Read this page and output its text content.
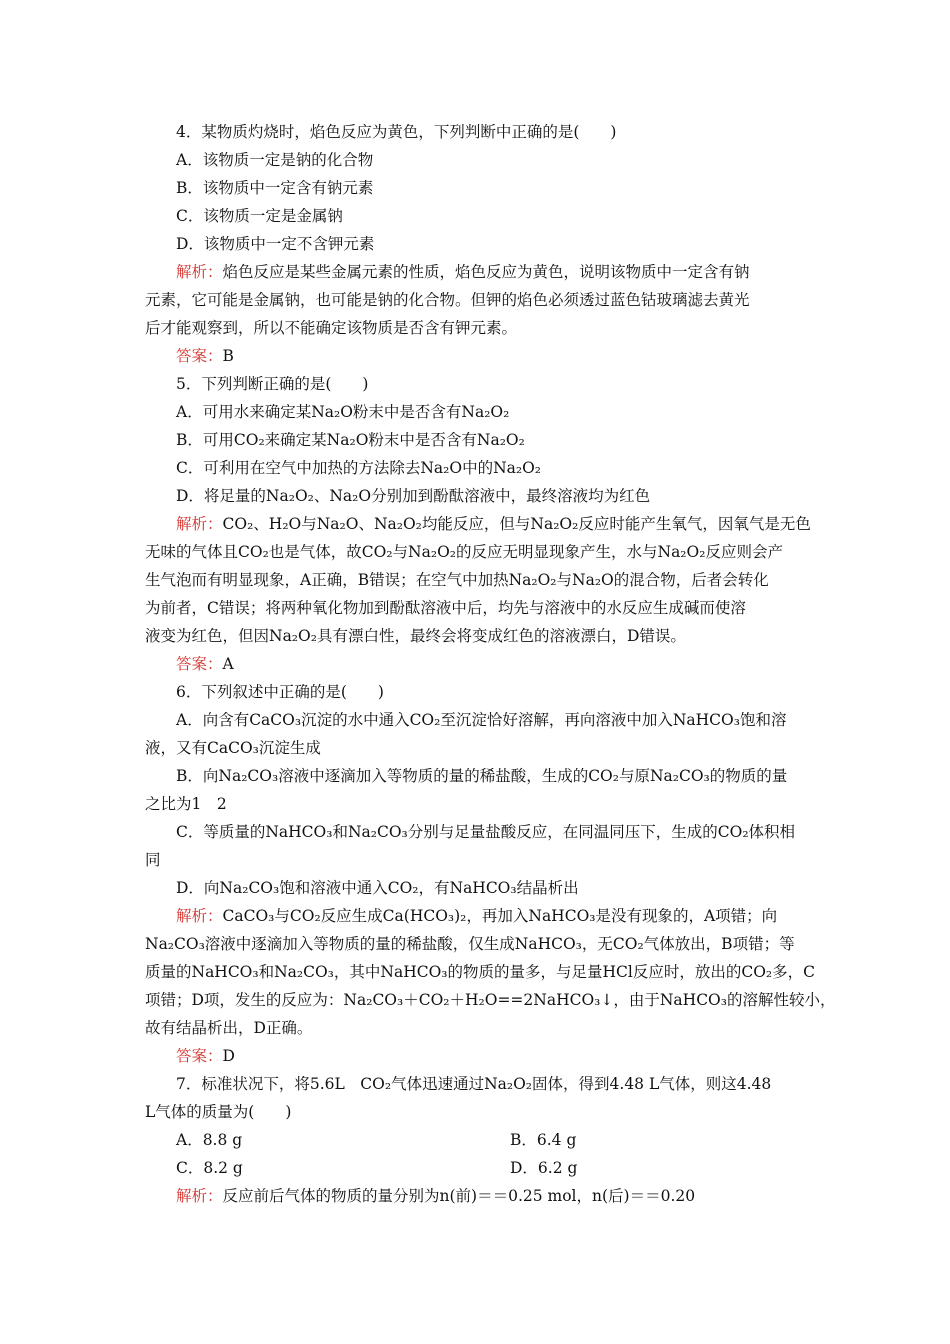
4．某物质灼烧时，焰色反应为黄色，下列判断中正确的是(　　)
A．该物质一定是钠的化合物
B．该物质中一定含有钠元素
C．该物质一定是金属钠
D．该物质中一定不含钾元素
解析：焰色反应是某些金属元素的性质，焰色反应为黄色，说明该物质中一定含有钠
元素，它可能是金属钠，也可能是钠的化合物。但钾的焰色必须透过蓝色钴玻璃滤去黄光
后才能观察到，所以不能确定该物质是否含有钾元素。
答案：B
5．下列判断正确的是(　　)
A．可用水来确定某Na₂O粉末中是否含有Na₂O₂
B．可用CO₂来确定某Na₂O粉末中是否含有Na₂O₂
C．可利用在空气中加热的方法除去Na₂O中的Na₂O₂
D．将足量的Na₂O₂、Na₂O分别加到酚酞溶液中，最终溶液均为红色
解析：CO₂、H₂O与Na₂O、Na₂O₂均能反应，但与Na₂O₂反应时能产生氧气，因氧气是无色
无味的气体且CO₂也是气体，故CO₂与Na₂O₂的反应无明显现象产生，水与Na₂O₂反应则会产
生气泡而有明显现象，A正确，B错误；在空气中加热Na₂O₂与Na₂O的混合物，后者会转化
为前者，C错误；将两种氧化物加到酚酞溶液中后，均先与溶液中的水反应生成碱而使溶
液变为红色，但因Na₂O₂具有漂白性，最终会将变成红色的溶液漂白，D错误。
答案：A
6．下列叙述中正确的是(　　)
A．向含有CaCO₃沉淀的水中通入CO₂至沉淀恰好溶解，再向溶液中加入NaHCO₃饱和溶
液，又有CaCO₃沉淀生成
B．向Na₂CO₃溶液中逐滴加入等物质的量的稀盐酸，生成的CO₂与原Na₂CO₃的物质的量
之比为1　2
C．等质量的NaHCO₃和Na₂CO₃分别与足量盐酸反应，在同温同压下，生成的CO₂体积相
同
D．向Na₂CO₃饱和溶液中通入CO₂，有NaHCO₃结晶析出
解析：CaCO₃与CO₂反应生成Ca(HCO₃)₂，再加入NaHCO₃是没有现象的，A项错；向
Na₂CO₃溶液中逐滴加入等物质的量的稀盐酸，仅生成NaHCO₃，无CO₂气体放出，B项错；等
质量的NaHCO₃和Na₂CO₃，其中NaHCO₃的物质的量多，与足量HCl反应时，放出的CO₂多，C
项错；D项，发生的反应为：Na₂CO₃＋CO₂＋H₂O==2NaHCO₃↓，由于NaHCO₃的溶解性较小，
故有结晶析出，D正确。
答案：D
7．标准状况下，将5.6L　CO₂气体迅速通过Na₂O₂固体，得到4.48 L气体，则这4.48
L气体的质量为(　　)
A．8.8 g	B．6.4 g
C．8.2 g	D．6.2 g
解析：反应前后气体的物质的量分别为n(前)＝＝0.25 mol，n(后)＝＝0.20
